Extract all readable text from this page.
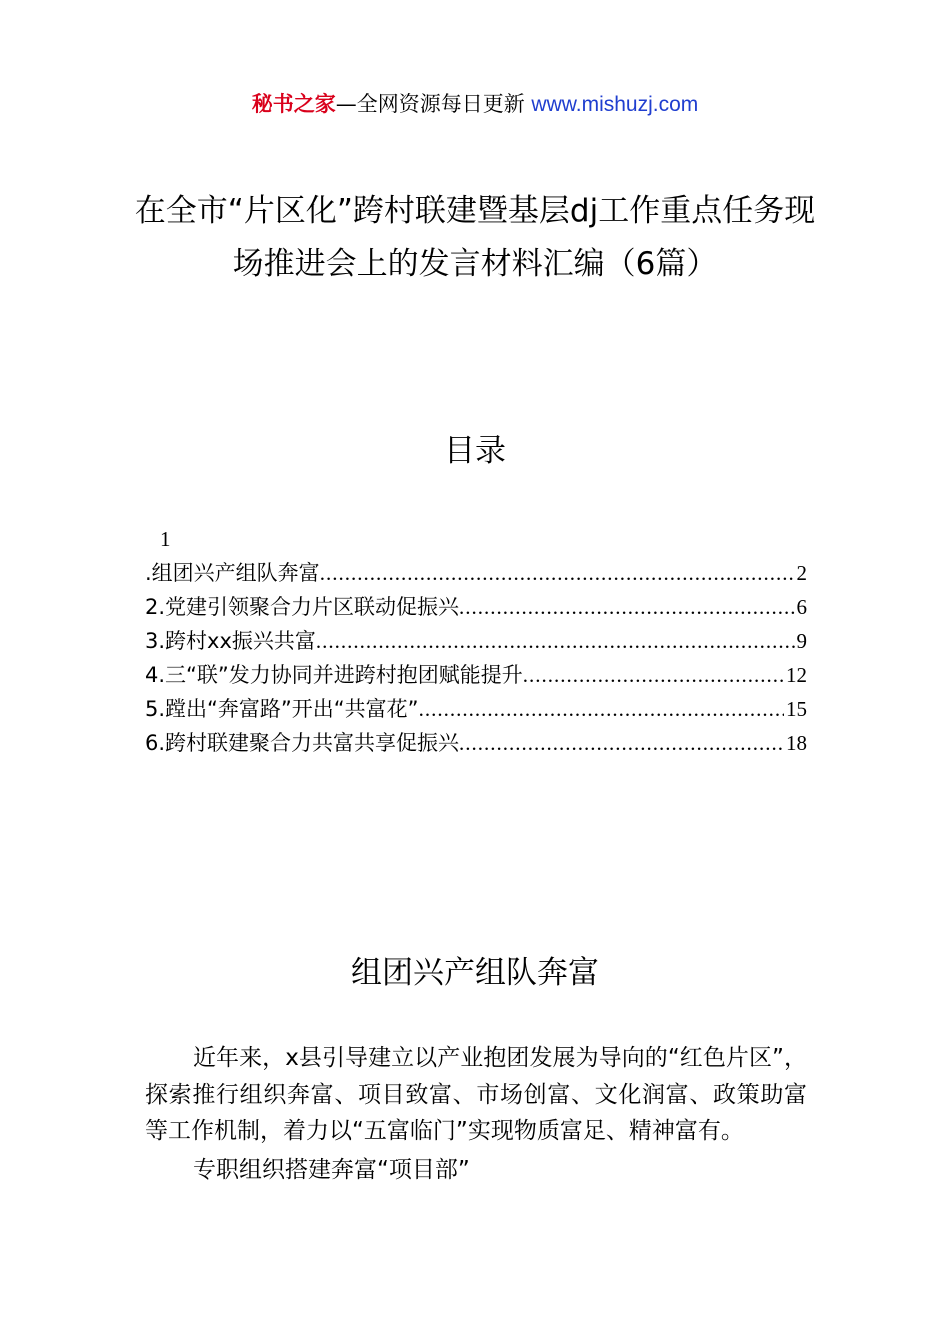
秘书之家—全网资源每日更新 www.mishuzj.com
在全市“片区化”跨村联建暨基层dj工作重点任务现场推进会上的发言材料汇编（6篇）
目录
1
.组团兴产组队奔富 .....	2
2.党建引领聚合力片区联动促振兴 .....	6
3.跨村xx振兴共富 .....	9
4.三“联”发力协同并进跨村抱团赋能提升 .....	12
5.蹚出“奔富路”开出“共富花” .....	15
6.跨村联建聚合力共富共享促振兴 .....	18
组团兴产组队奔富

近年来，x县引导建立以产业抱团发展为导向的“红色片区”，探索推行组织奔富、项目致富、市场创富、文化润富、政策助富等工作机制，着力以“五富临门”实现物质富足、精神富有。

专职组织搭建奔富“项目部”
